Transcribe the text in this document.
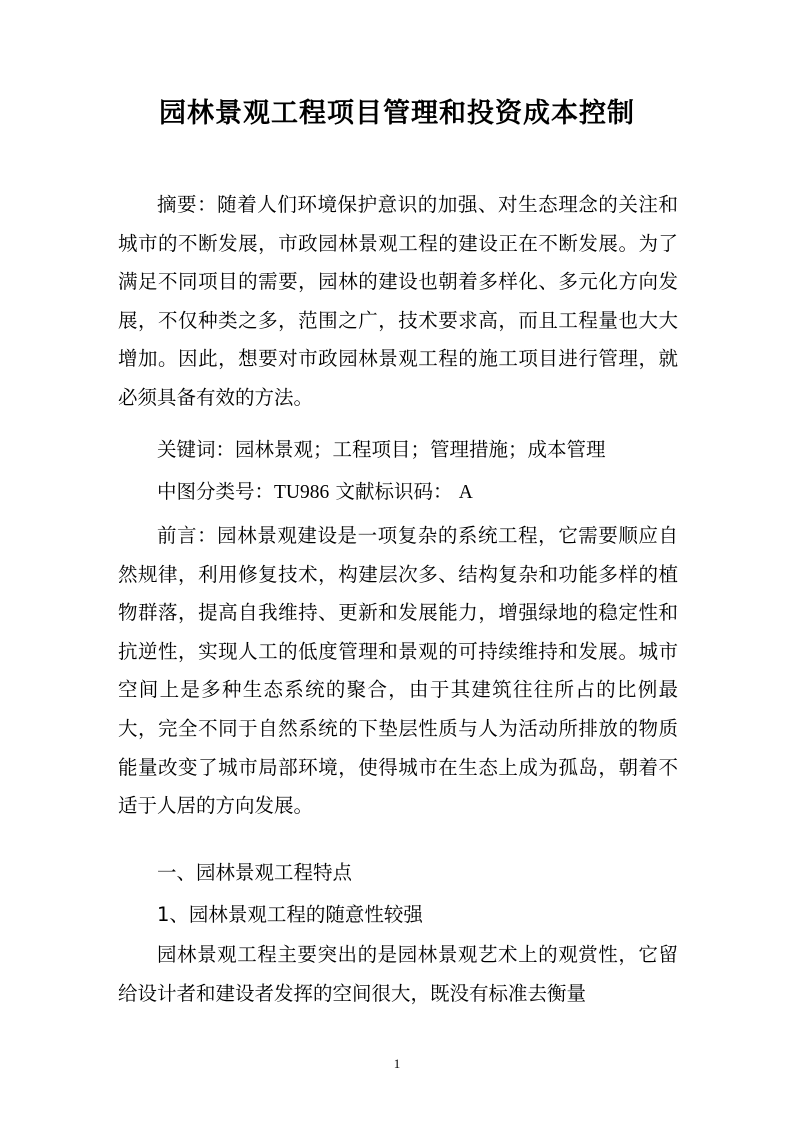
园林景观工程项目管理和投资成本控制
摘要：随着人们环境保护意识的加强、对生态理念的关注和城市的不断发展，市政园林景观工程的建设正在不断发展。为了满足不同项目的需要，园林的建设也朝着多样化、多元化方向发展，不仅种类之多，范围之广，技术要求高，而且工程量也大大增加。因此，想要对市政园林景观工程的施工项目进行管理，就必须具备有效的方法。
关键词：园林景观；工程项目；管理措施；成本管理
中图分类号：TU986 文献标识码： A
前言：园林景观建设是一项复杂的系统工程，它需要顺应自然规律，利用修复技术，构建层次多、结构复杂和功能多样的植物群落，提高自我维持、更新和发展能力，增强绿地的稳定性和抗逆性，实现人工的低度管理和景观的可持续维持和发展。城市空间上是多种生态系统的聚合，由于其建筑往往所占的比例最大，完全不同于自然系统的下垫层性质与人为活动所排放的物质能量改变了城市局部环境，使得城市在生态上成为孤岛，朝着不适于人居的方向发展。
一、园林景观工程特点
1、园林景观工程的随意性较强
园林景观工程主要突出的是园林景观艺术上的观赏性，它留给设计者和建设者发挥的空间很大，既没有标准去衡量
1
